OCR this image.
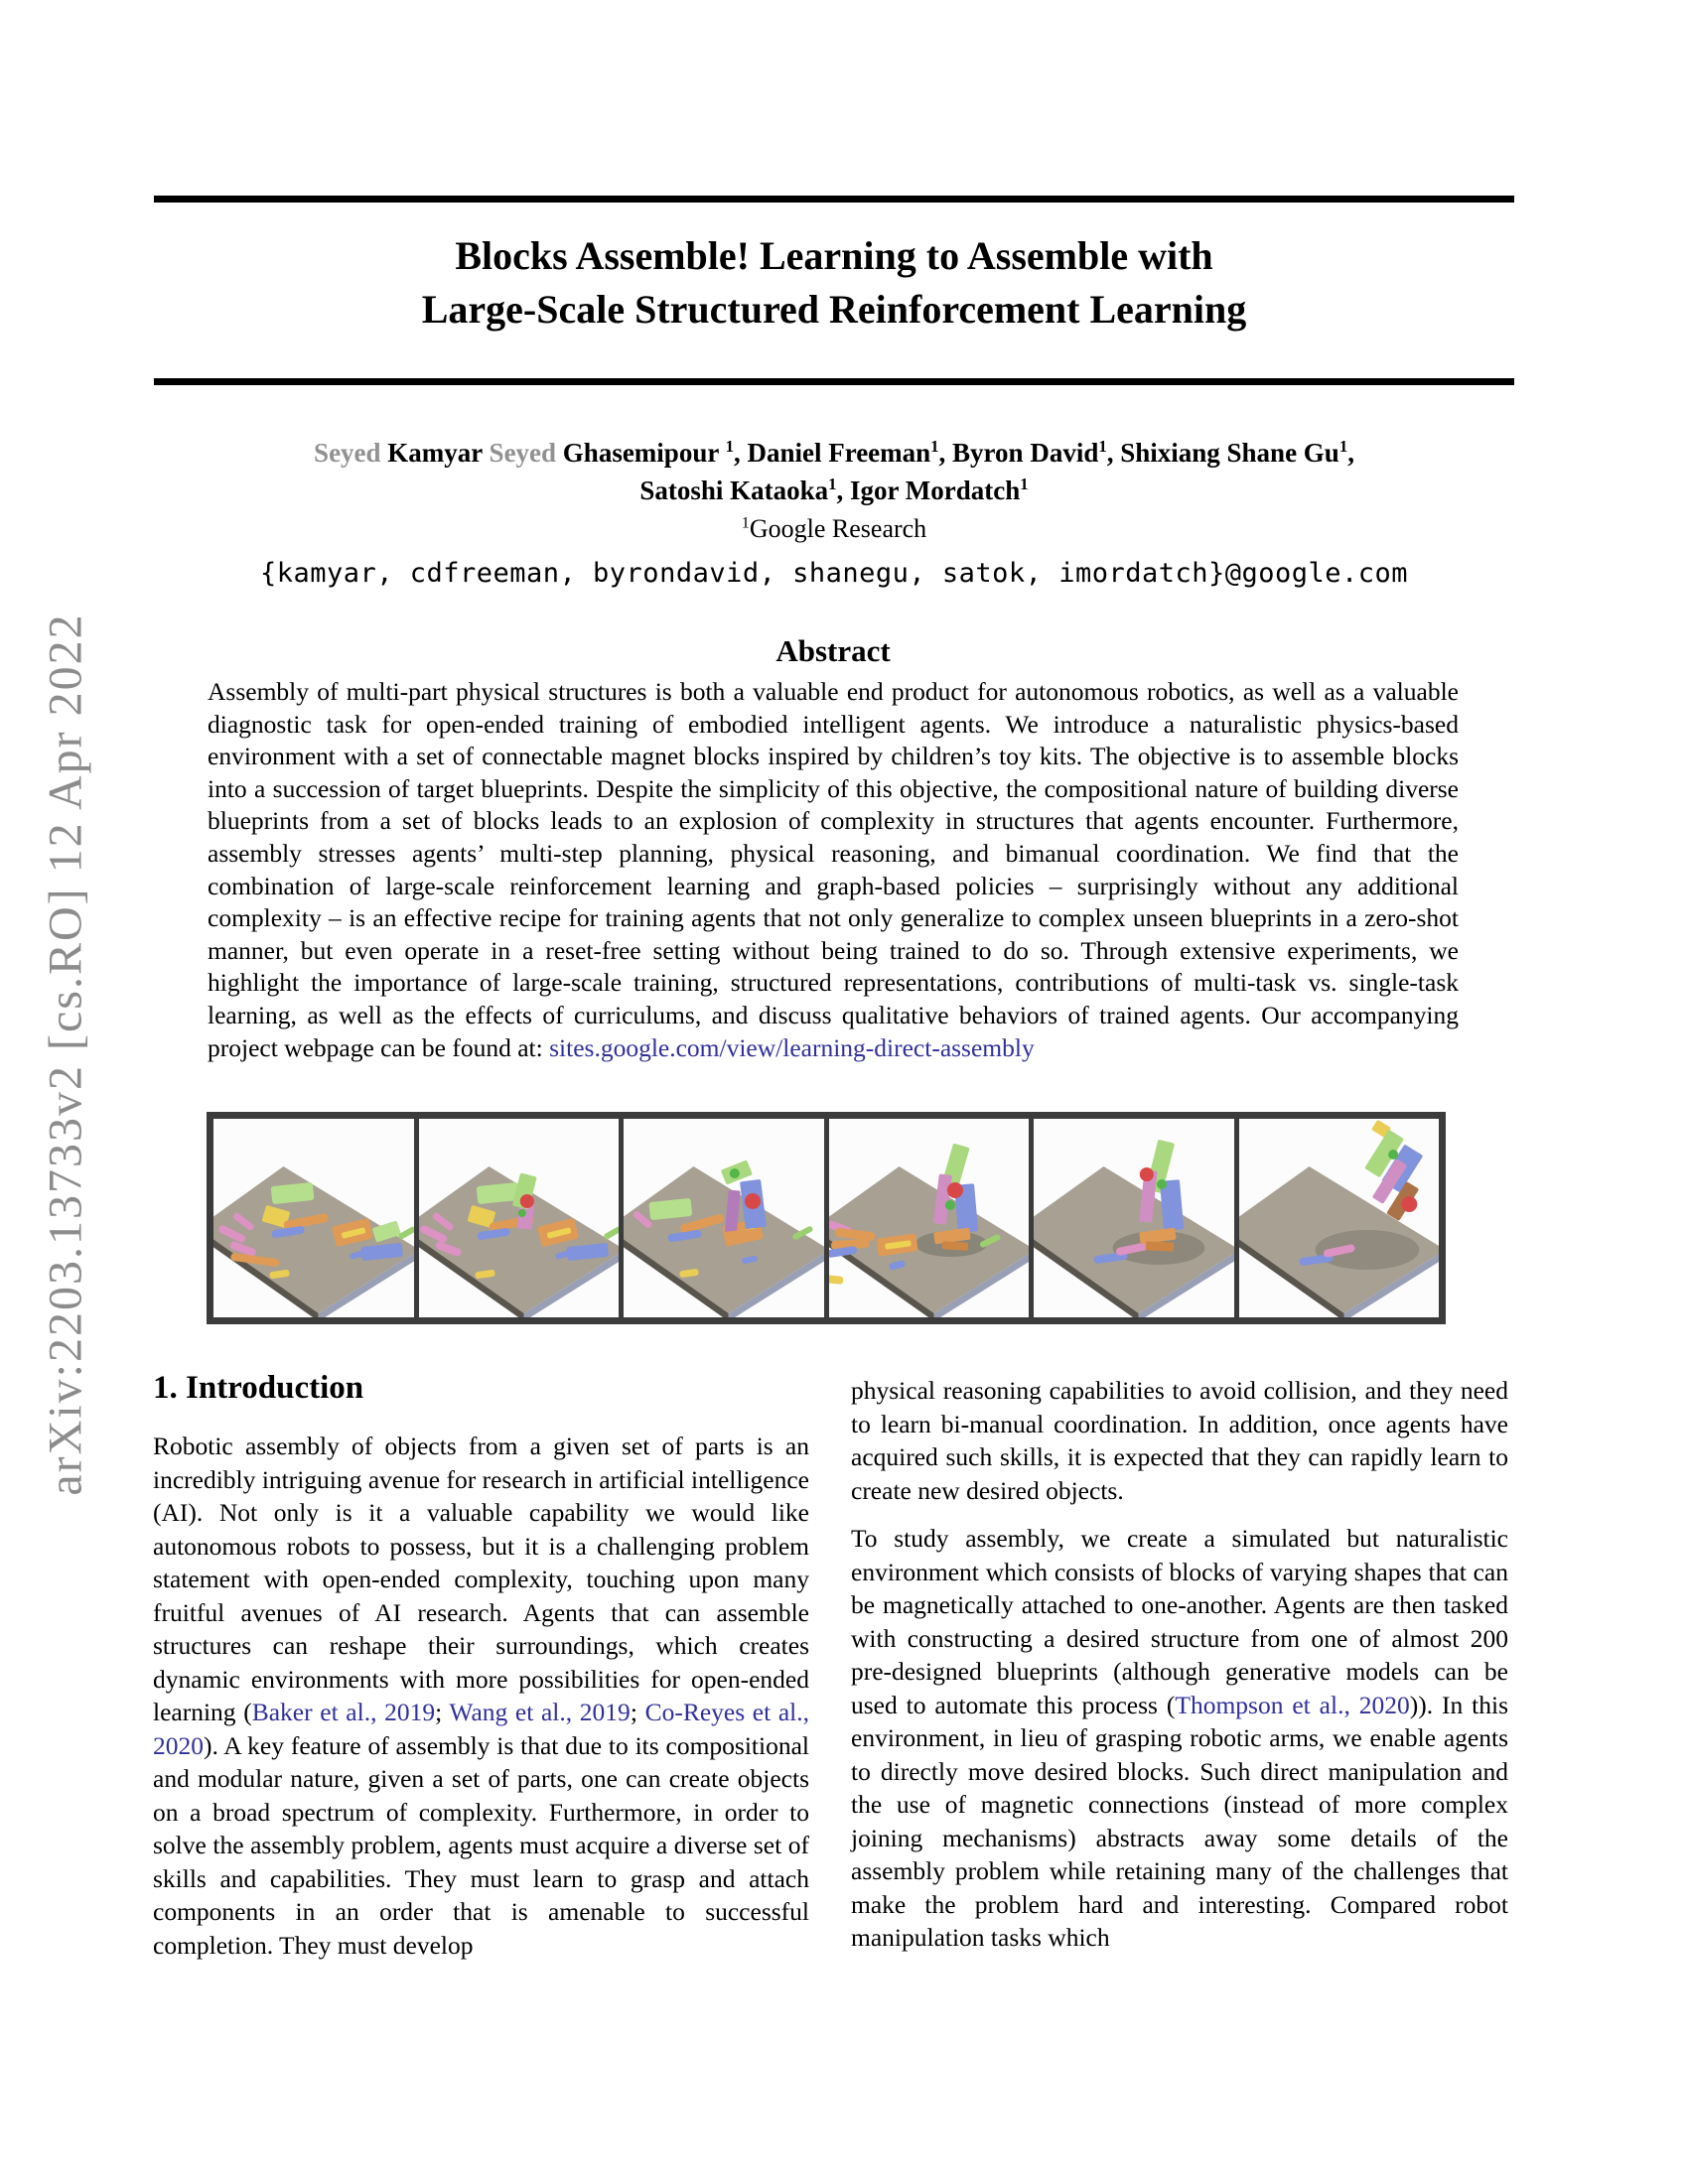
arXiv:2203.13733v2 [cs.RO] 12 Apr 2022
Blocks Assemble! Learning to Assemble with
Large-Scale Structured Reinforcement Learning
Seyed Kamyar Seyed Ghasemipour $^1$, Daniel Freeman$^1$, Byron David$^1$, Shixiang Shane Gu$^1$,
Satoshi Kataoka$^1$, Igor Mordatch$^1$
$^1$Google Research
{kamyar, cdfreeman, byrondavid, shanegu, satok, imordatch}@google.com
Abstract
Assembly of multi-part physical structures is both a valuable end product for autonomous robotics, as well as a valuable diagnostic task for open-ended training of embodied intelligent agents. We introduce a naturalistic physics-based environment with a set of connectable magnet blocks inspired by children’s toy kits. The objective is to assemble blocks into a succession of target blueprints. Despite the simplicity of this objective, the compositional nature of building diverse blueprints from a set of blocks leads to an explosion of complexity in structures that agents encounter. Furthermore, assembly stresses agents’ multi-step planning, physical reasoning, and bimanual coordination. We find that the combination of large-scale reinforcement learning and graph-based policies – surprisingly without any additional complexity – is an effective recipe for training agents that not only generalize to complex unseen blueprints in a zero-shot manner, but even operate in a reset-free setting without being trained to do so. Through extensive experiments, we highlight the importance of large-scale training, structured representations, contributions of multi-task vs. single-task learning, as well as the effects of curriculums, and discuss qualitative behaviors of trained agents. Our accompanying project webpage can be found at: sites.google.com/view/learning-direct-assembly
1. Introduction
Robotic assembly of objects from a given set of parts is an incredibly intriguing avenue for research in artificial intelligence (AI). Not only is it a valuable capability we would like autonomous robots to possess, but it is a challenging problem statement with open-ended complexity, touching upon many fruitful avenues of AI research. Agents that can assemble structures can reshape their surroundings, which creates dynamic environments with more possibilities for open-ended learning (Baker et al., 2019; Wang et al., 2019; Co-Reyes et al., 2020). A key feature of assembly is that due to its compositional and modular nature, given a set of parts, one can create objects on a broad spectrum of complexity. Furthermore, in order to solve the assembly problem, agents must acquire a diverse set of skills and capabilities. They must learn to grasp and attach components in an order that is amenable to successful completion. They must develop

physical reasoning capabilities to avoid collision, and they need to learn bi-manual coordination. In addition, once agents have acquired such skills, it is expected that they can rapidly learn to create new desired objects.

To study assembly, we create a simulated but naturalistic environment which consists of blocks of varying shapes that can be magnetically attached to one-another. Agents are then tasked with constructing a desired structure from one of almost 200 pre-designed blueprints (although generative models can be used to automate this process (Thompson et al., 2020)). In this environment, in lieu of grasping robotic arms, we enable agents to directly move desired blocks. Such direct manipulation and the use of magnetic connections (instead of more complex joining mechanisms) abstracts away some details of the assembly problem while retaining many of the challenges that make the problem hard and interesting. Compared robot manipulation tasks which
